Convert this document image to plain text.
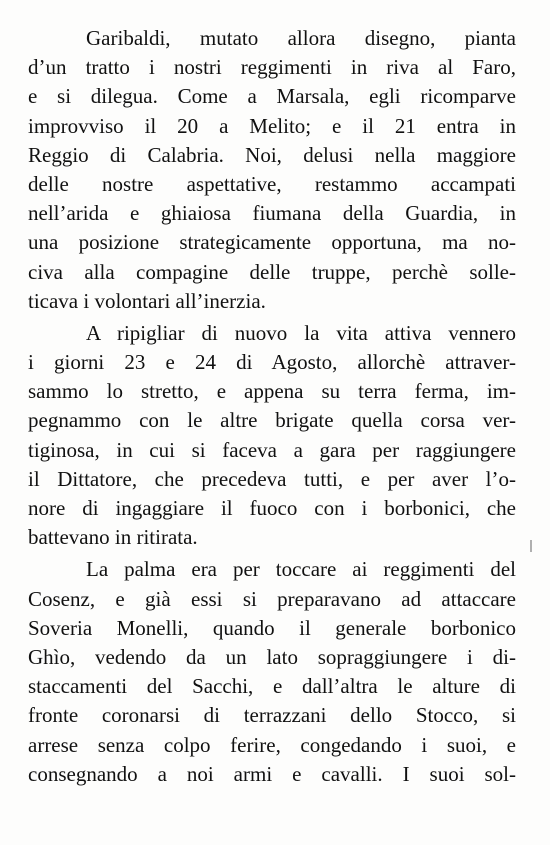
Garibaldi, mutato allora disegno, pianta
d’un tratto i nostri reggimenti in riva al Faro,
e si dilegua. Come a Marsala, egli ricomparve
improvviso il 20 a Melito; e il 21 entra in
Reggio di Calabria. Noi, delusi nella maggiore
delle nostre aspettative, restammo accampati
nell’arida e ghiaiosa fiumana della Guardia, in
una posizione strategicamente opportuna, ma no-
civa alla compagine delle truppe, perchè solle-
ticava i volontari all’inerzia.
A ripigliar di nuovo la vita attiva vennero
i giorni 23 e 24 di Agosto, allorchè attraver-
sammo lo stretto, e appena su terra ferma, im-
pegnammo con le altre brigate quella corsa ver-
tiginosa, in cui si faceva a gara per raggiungere
il Dittatore, che precedeva tutti, e per aver l’o-
nore di ingaggiare il fuoco con i borbonici, che
battevano in ritirata.
La palma era per toccare ai reggimenti del
Cosenz, e già essi si preparavano ad attaccare
Soveria Monelli, quando il generale borbonico
Ghìo, vedendo da un lato sopraggiungere i di-
staccamenti del Sacchi, e dall’altra le alture di
fronte coronarsi di terrazzani dello Stocco, si
arrese senza colpo ferire, congedando i suoi, e
consegnando a noi armi e cavalli. I suoi sol-
